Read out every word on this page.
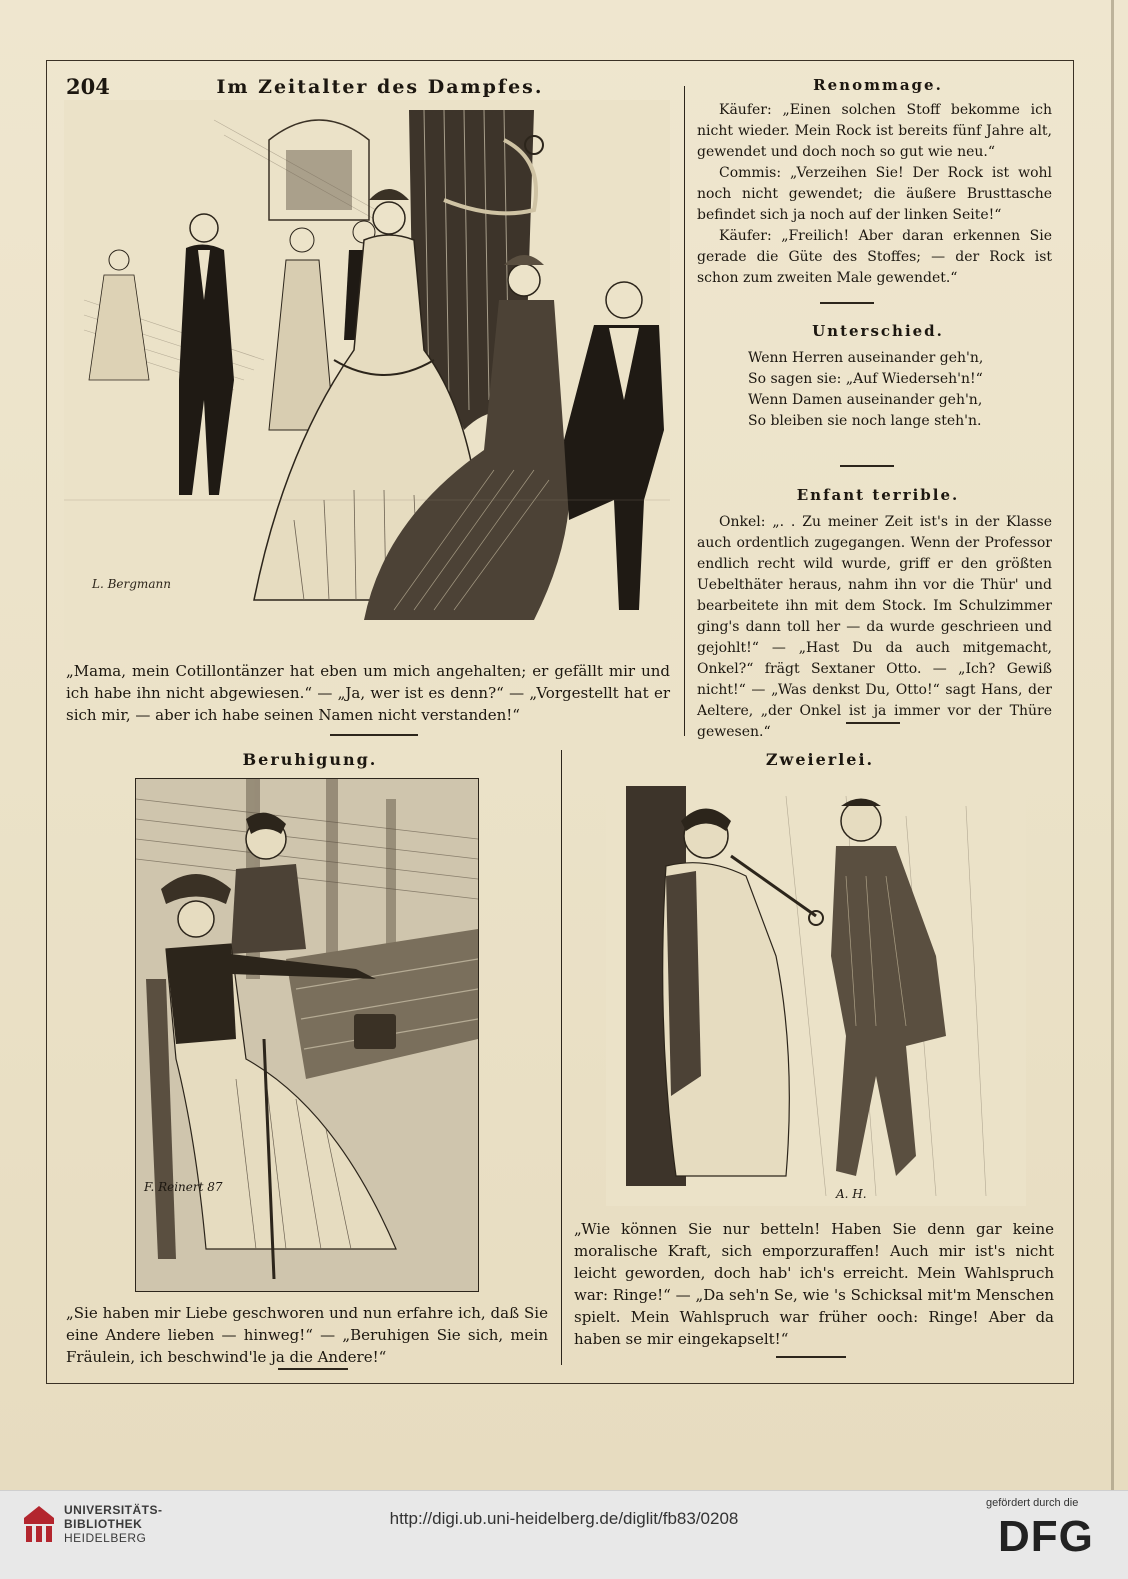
204	Im Zeitalter des Dampfes.
L. Bergmann
„Mama, mein Cotillontänzer hat eben um mich angehalten; er gefällt mir und ich habe ihn nicht abgewiesen.“ — „Ja, wer ist es denn?“ — „Vorgestellt hat er sich mir, — aber ich habe seinen Namen nicht verstanden!“
Renommage.

Käufer: „Einen solchen Stoff bekomme ich nicht wieder. Mein Rock ist bereits fünf Jahre alt, gewendet und doch noch so gut wie neu.“

Commis: „Verzeihen Sie! Der Rock ist wohl noch nicht gewendet; die äußere Brusttasche befindet sich ja noch auf der linken Seite!“

Käufer: „Freilich! Aber daran erkennen Sie gerade die Güte des Stoffes; — der Rock ist schon zum zweiten Male gewendet.“

Unterschied.
Wenn Herren auseinander geh'n,
So sagen sie: „Auf Wiederseh'n!“
Wenn Damen auseinander geh'n,
So bleiben sie noch lange steh'n.
Enfant terrible.

Onkel: „. . Zu meiner Zeit ist's in der Klasse auch ordentlich zugegangen. Wenn der Professor endlich recht wild wurde, griff er den größten Uebelthäter heraus, nahm ihn vor die Thür' und bearbeitete ihn mit dem Stock. Im Schulzimmer ging's dann toll her — da wurde geschrieen und gejohlt!“ — „Hast Du da auch mitgemacht, Onkel?“ frägt Sextaner Otto. — „Ich? Gewiß nicht!“ — „Was denkst Du, Otto!“ sagt Hans, der Aeltere, „der Onkel ist ja immer vor der Thüre gewesen.“

Beruhigung.
F. Reinert 87
„Sie haben mir Liebe geschworen und nun erfahre ich, daß Sie eine Andere lieben — hinweg!“ — „Beruhigen Sie sich, mein Fräulein, ich beschwind'le ja die Andere!“
Zweierlei.
A. H.
„Wie können Sie nur betteln! Haben Sie denn gar keine moralische Kraft, sich emporzuraffen! Auch mir ist's nicht leicht geworden, doch hab' ich's erreicht. Mein Wahlspruch war: Ringe!“ — „Da seh'n Se, wie 's Schicksal mit'm Menschen spielt. Mein Wahlspruch war früher ooch: Ringe! Aber da haben se mir eingekapselt!“
UNIVERSITÄTS-
BIBLIOTHEK
HEIDELBERG
http://digi.ub.uni-heidelberg.de/diglit/fb83/0208
gefördert durch die
DFG
